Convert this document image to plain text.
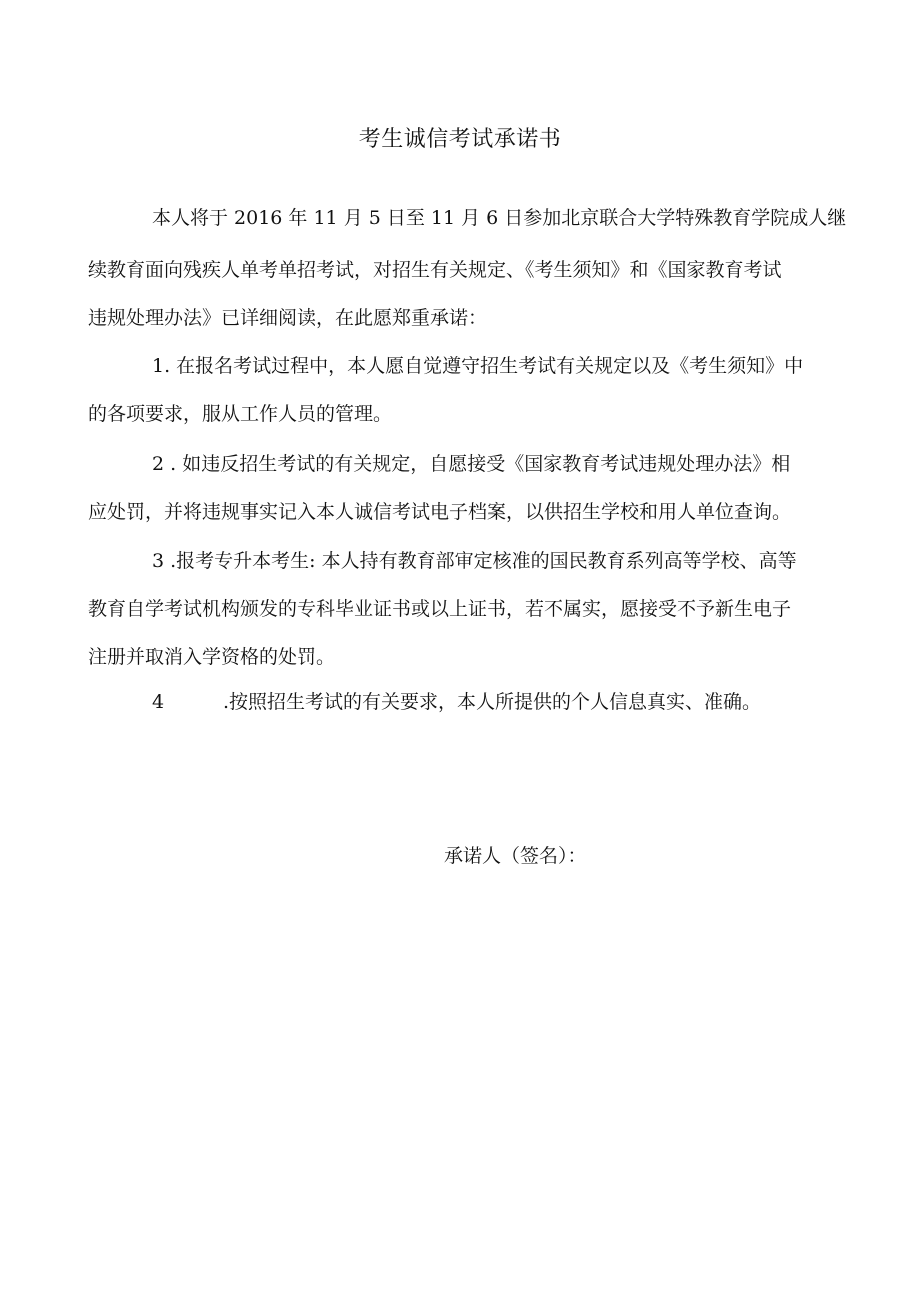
考生诚信考试承诺书

本人将于 2016 年 11 月 5 日至 11 月 6 日参加北京联合大学特殊教育学院成人继

续教育面向残疾人单考单招考试，对招生有关规定、《考生须知》和《国家教育考试

违规处理办法》已详细阅读，在此愿郑重承诺：

1. 在报名考试过程中，本人愿自觉遵守招生考试有关规定以及《考生须知》中

的各项要求，服从工作人员的管理。

2 . 如违反招生考试的有关规定，自愿接受《国家教育考试违规处理办法》相

应处罚，并将违规事实记入本人诚信考试电子档案，以供招生学校和用人单位查询。

3 .报考专升本考生: 本人持有教育部审定核准的国民教育系列高等学校、高等

教育自学考试机构颁发的专科毕业证书或以上证书，若不属实，愿接受不予新生电子

注册并取消入学资格的处罚。

4	.按照招生考试的有关要求，本人所提供的个人信息真实、准确。

承诺人（签名）：
